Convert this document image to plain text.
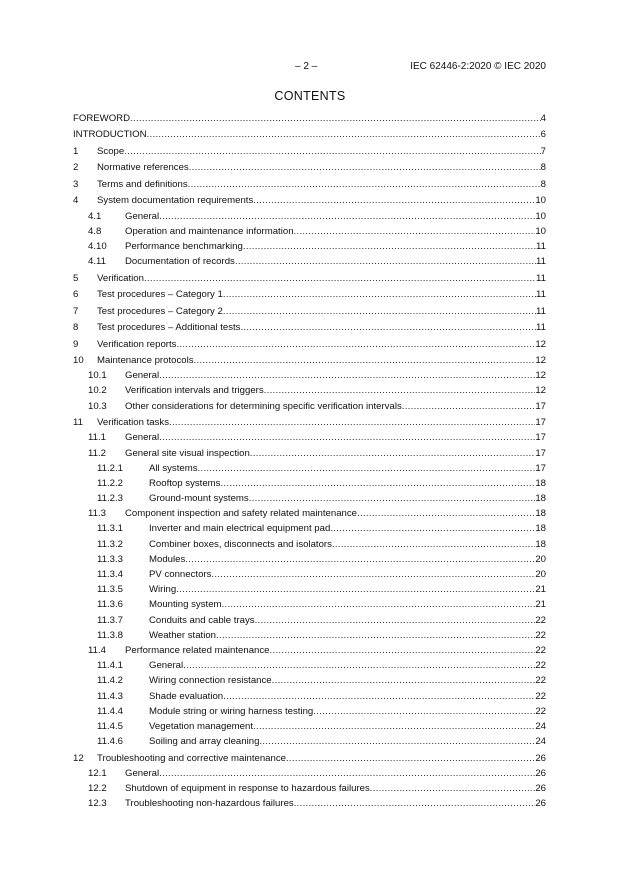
– 2 –	IEC 62446-2:2020 © IEC 2020
CONTENTS
FOREWORD .....	4
INTRODUCTION .....	6
1 Scope .....	7
2 Normative references .....	8
3 Terms and definitions .....	8
4 System documentation requirements .....	10
4.1 General .....	10
4.8 Operation and maintenance information .....	10
4.10 Performance benchmarking .....	11
4.11 Documentation of records .....	11
5 Verification .....	11
6 Test procedures – Category 1 .....	11
7 Test procedures – Category 2 .....	11
8 Test procedures – Additional tests .....	11
9 Verification reports .....	12
10 Maintenance protocols .....	12
10.1 General .....	12
10.2 Verification intervals and triggers .....	12
10.3 Other considerations for determining specific verification intervals .....	17
11 Verification tasks .....	17
11.1 General .....	17
11.2 General site visual inspection .....	17
11.2.1	All systems .....	17
11.2.2	Rooftop systems .....	18
11.2.3	Ground-mount systems .....	18
11.3 Component inspection and safety related maintenance .....	18
11.3.1	Inverter and main electrical equipment pad .....	18
11.3.2	Combiner boxes, disconnects and isolators .....	18
11.3.3	Modules .....	20
11.3.4	PV connectors .....	20
11.3.5	Wiring .....	21
11.3.6	Mounting system .....	21
11.3.7	Conduits and cable trays .....	22
11.3.8	Weather station .....	22
11.4 Performance related maintenance .....	22
11.4.1	General .....	22
11.4.2	Wiring connection resistance .....	22
11.4.3	Shade evaluation .....	22
11.4.4	Module string or wiring harness testing .....	22
11.4.5	Vegetation management .....	24
11.4.6	Soiling and array cleaning .....	24
12 Troubleshooting and corrective maintenance .....	26
12.1 General .....	26
12.2 Shutdown of equipment in response to hazardous failures .....	26
12.3 Troubleshooting non-hazardous failures .....	26
